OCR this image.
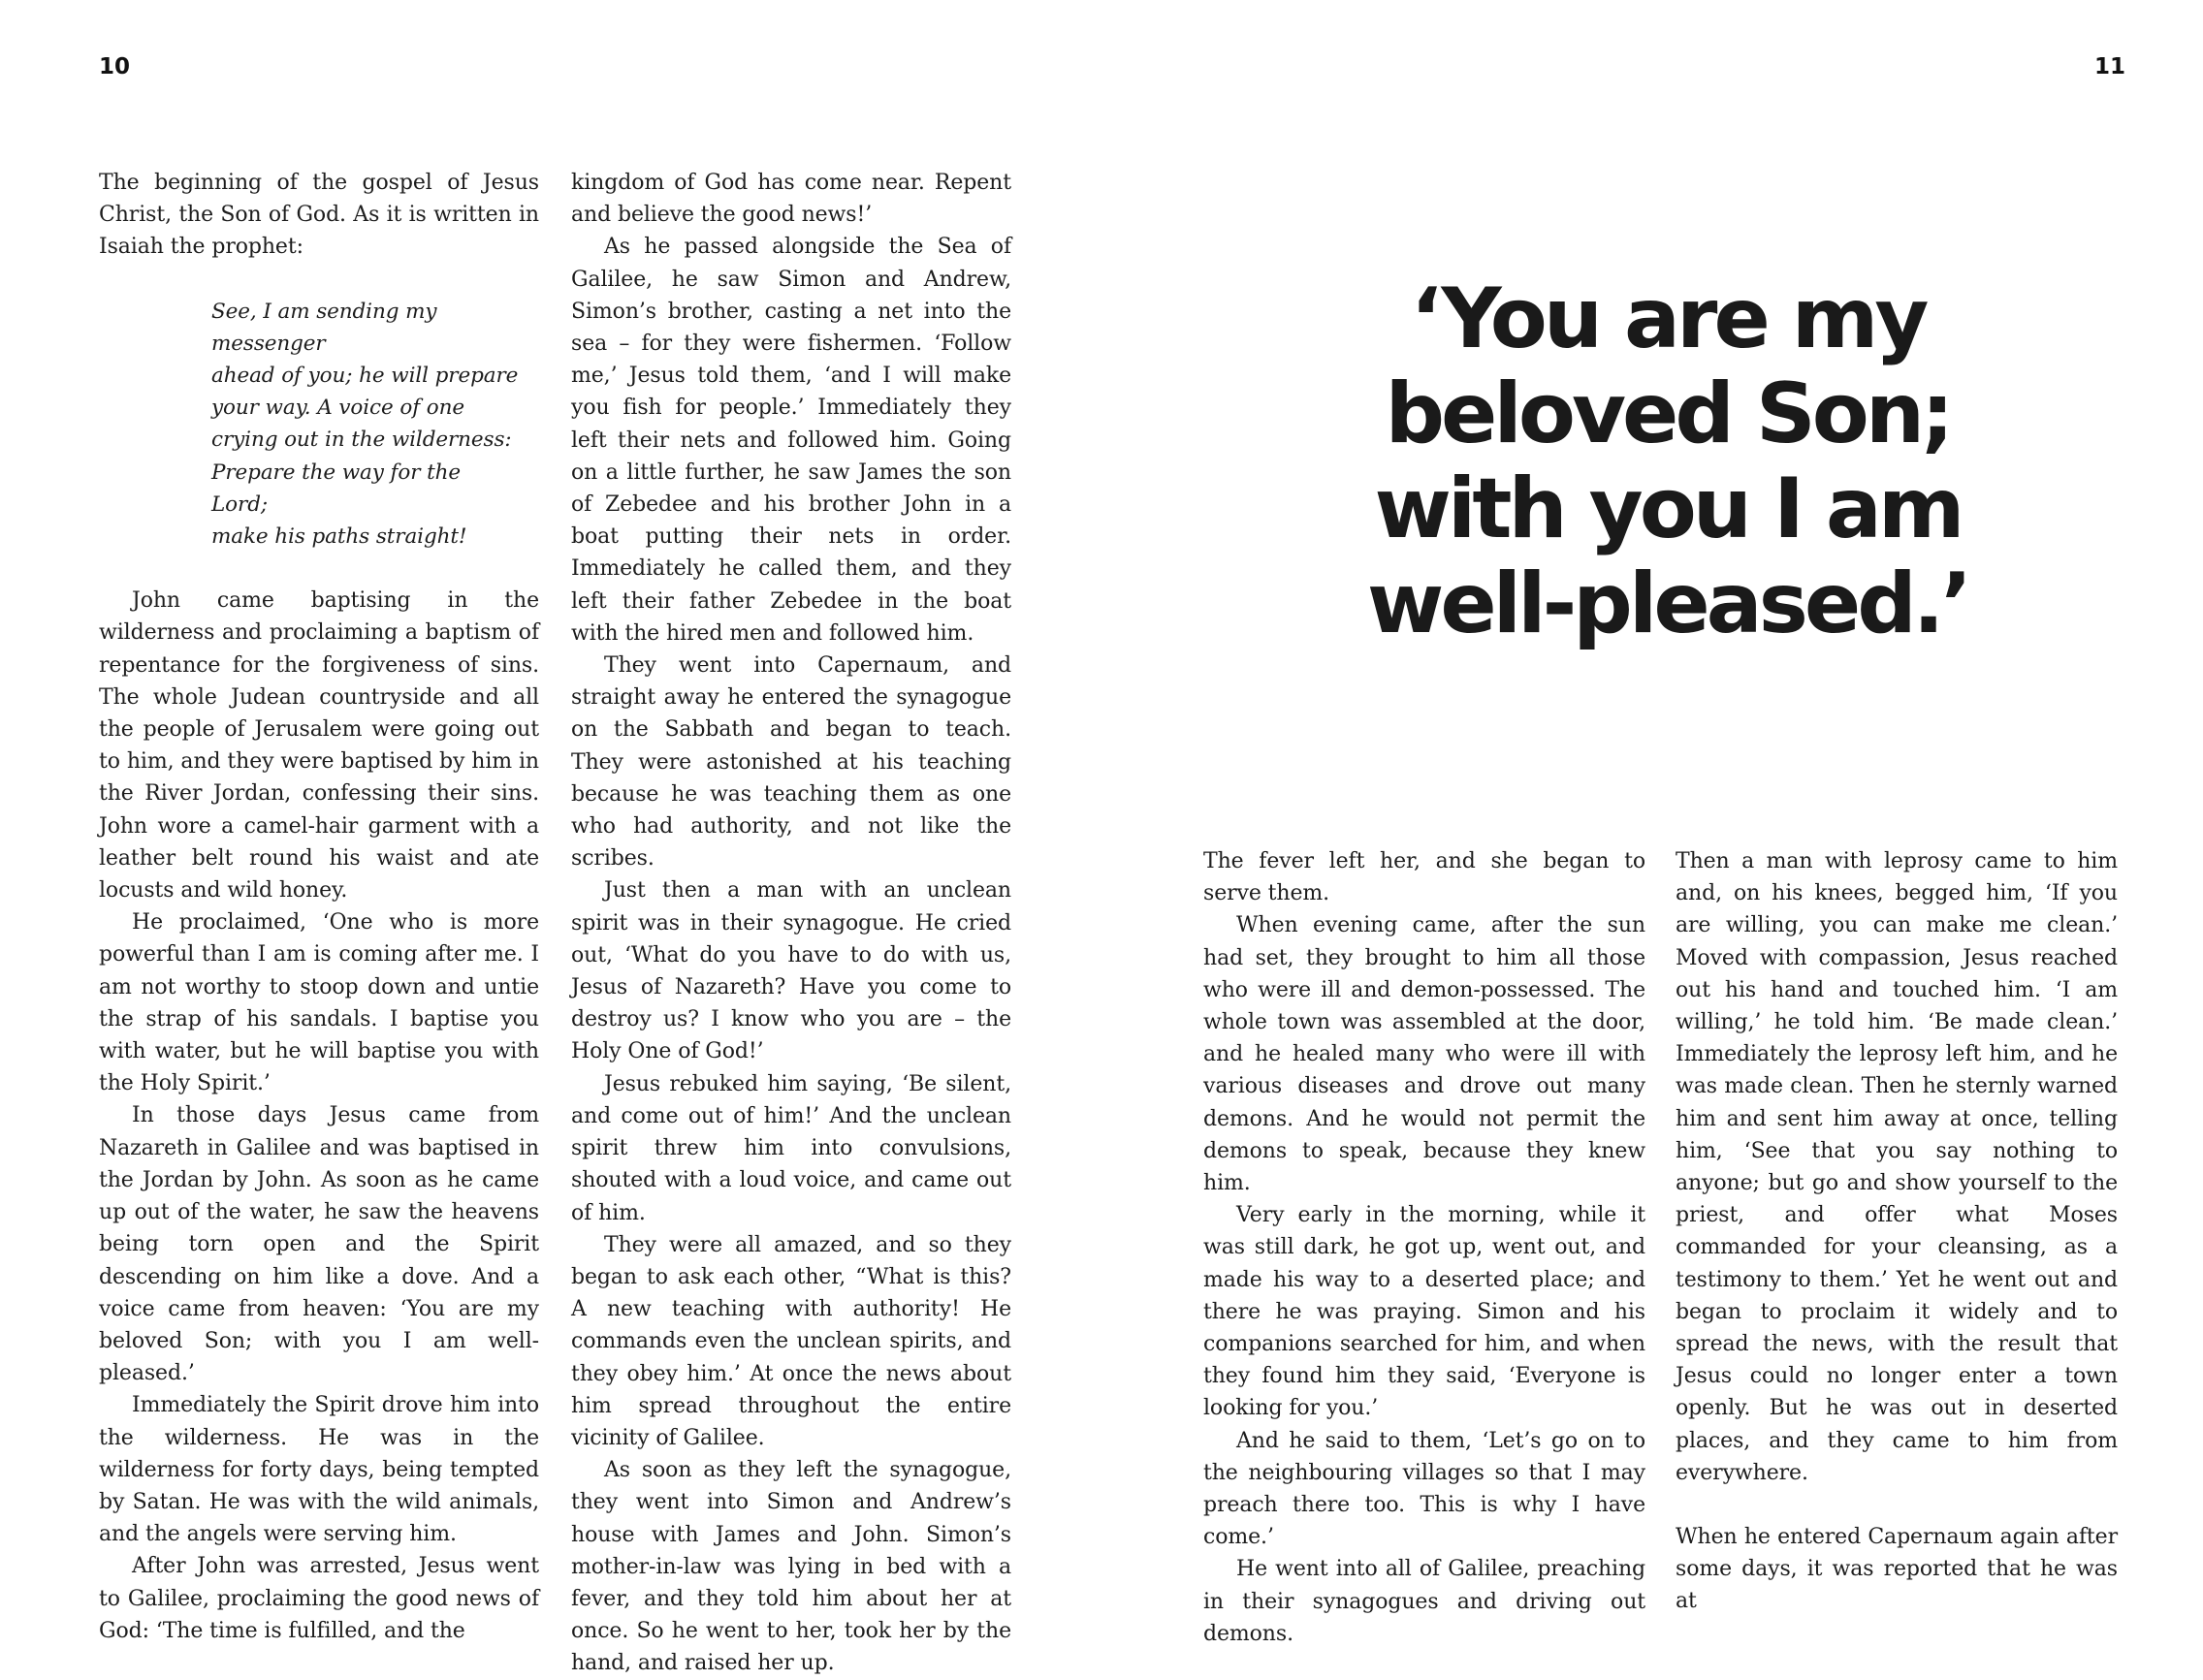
10	11

The beginning of the gospel of Jesus Christ, the Son of God. As it is written in Isaiah the prophet:

See, I am sending my messenger
ahead of you; he will prepare
your way. A voice of one
crying out in the wilderness:
Prepare the way for the Lord;
make his paths straight!

John came baptising in the wilderness and proclaiming a baptism of repentance for the forgiveness of sins. The whole Judean countryside and all the people of Jerusalem were going out to him, and they were baptised by him in the River Jordan, confessing their sins. John wore a camel-hair garment with a leather belt round his waist and ate locusts and wild honey.

He proclaimed, ‘One who is more powerful than I am is coming after me. I am not worthy to stoop down and untie the strap of his sandals. I baptise you with water, but he will baptise you with the Holy Spirit.’

In those days Jesus came from Nazareth in Galilee and was baptised in the Jordan by John. As soon as he came up out of the water, he saw the heavens being torn open and the Spirit descending on him like a dove. And a voice came from heaven: ‘You are my beloved Son; with you I am well-pleased.’

Immediately the Spirit drove him into the wilderness. He was in the wilderness for forty days, being tempted by Satan. He was with the wild animals, and the angels were serving him.

After John was arrested, Jesus went to Galilee, proclaiming the good news of God: ‘The time is fulfilled, and the

kingdom of God has come near. Repent and believe the good news!’

As he passed alongside the Sea of Galilee, he saw Simon and Andrew, Simon’s brother, casting a net into the sea – for they were fishermen. ‘Follow me,’ Jesus told them, ‘and I will make you fish for people.’ Immediately they left their nets and followed him. Going on a little further, he saw James the son of Zebedee and his brother John in a boat putting their nets in order. Immediately he called them, and they left their father Zebedee in the boat with the hired men and followed him.

They went into Capernaum, and straight away he entered the synagogue on the Sabbath and began to teach. They were astonished at his teaching because he was teaching them as one who had authority, and not like the scribes.

Just then a man with an unclean spirit was in their synagogue. He cried out, ‘What do you have to do with us, Jesus of Nazareth? Have you come to destroy us? I know who you are – the Holy One of God!’

Jesus rebuked him saying, ‘Be silent, and come out of him!’ And the unclean spirit threw him into convulsions, shouted with a loud voice, and came out of him.

They were all amazed, and so they began to ask each other, “What is this? A new teaching with authority! He commands even the unclean spirits, and they obey him.’ At once the news about him spread throughout the entire vicinity of Galilee.

As soon as they left the synagogue, they went into Simon and Andrew’s house with James and John. Simon’s mother-in-law was lying in bed with a fever, and they told him about her at once. So he went to her, took her by the hand, and raised her up.

‘You are my beloved Son; with you I am well-pleased.’

The fever left her, and she began to serve them.

When evening came, after the sun had set, they brought to him all those who were ill and demon-possessed. The whole town was assembled at the door, and he healed many who were ill with various diseases and drove out many demons. And he would not permit the demons to speak, because they knew him.

Very early in the morning, while it was still dark, he got up, went out, and made his way to a deserted place; and there he was praying. Simon and his companions searched for him, and when they found him they said, ‘Everyone is looking for you.’

And he said to them, ‘Let’s go on to the neighbouring villages so that I may preach there too. This is why I have come.’

He went into all of Galilee, preaching in their synagogues and driving out demons.

Then a man with leprosy came to him and, on his knees, begged him, ‘If you are willing, you can make me clean.’ Moved with compassion, Jesus reached out his hand and touched him. ‘I am willing,’ he told him. ‘Be made clean.’ Immediately the leprosy left him, and he was made clean. Then he sternly warned him and sent him away at once, telling him, ‘See that you say nothing to anyone; but go and show yourself to the priest, and offer what Moses commanded for your cleansing, as a testimony to them.’ Yet he went out and began to proclaim it widely and to spread the news, with the result that Jesus could no longer enter a town openly. But he was out in deserted places, and they came to him from everywhere.

When he entered Capernaum again after some days, it was reported that he was at
